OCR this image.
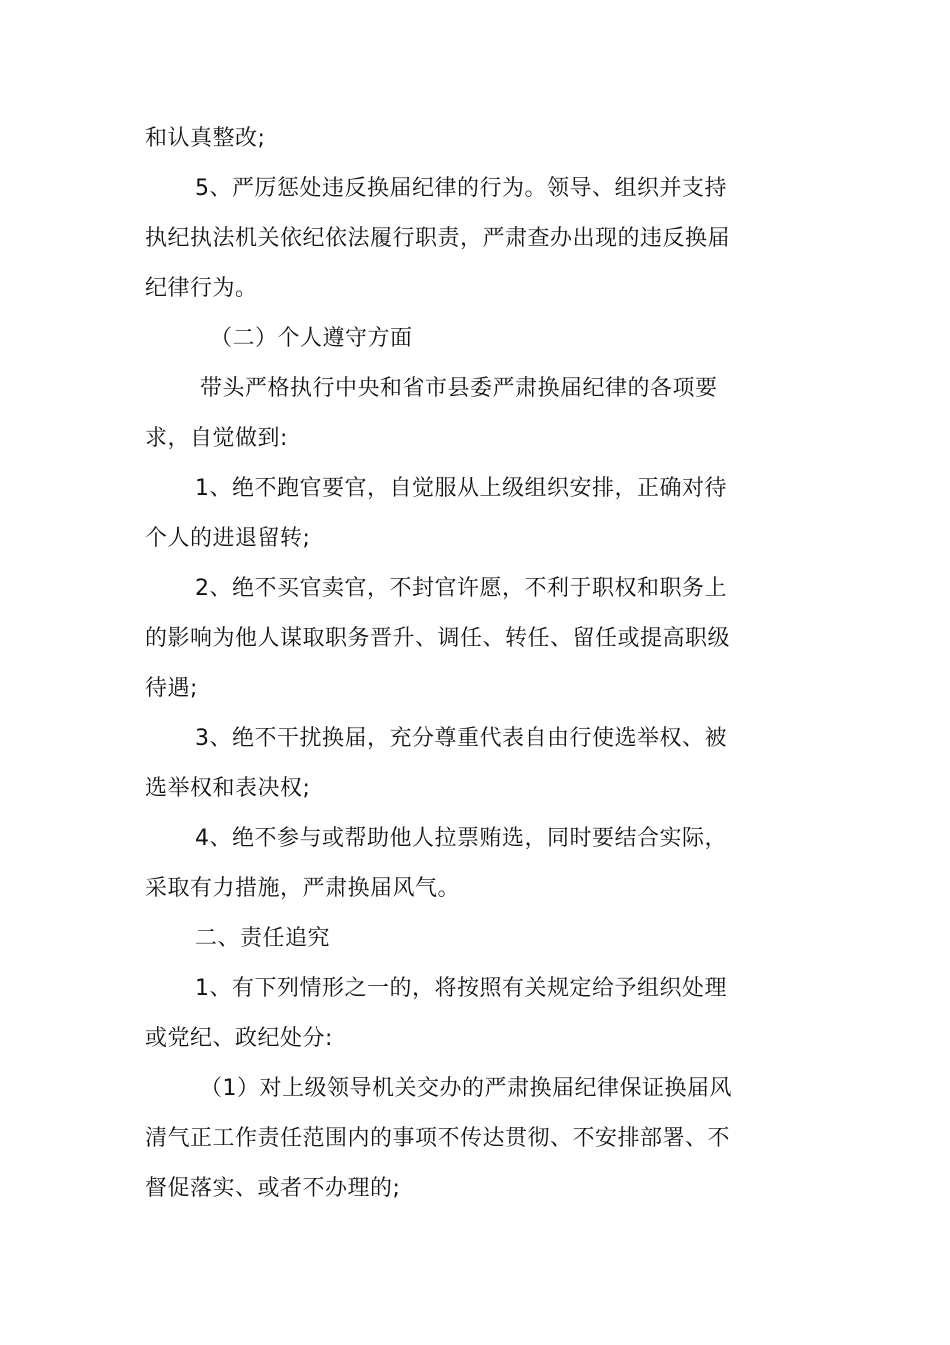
和认真整改;
5、严厉惩处违反换届纪律的行为。领导、组织并支持
执纪执法机关依纪依法履行职责，严肃查办出现的违反换届
纪律行为。
（二）个人遵守方面
带头严格执行中央和省市县委严肃换届纪律的各项要
求，自觉做到:
1、绝不跑官要官，自觉服从上级组织安排，正确对待
个人的进退留转;
2、绝不买官卖官，不封官许愿，不利于职权和职务上
的影响为他人谋取职务晋升、调任、转任、留任或提高职级
待遇;
3、绝不干扰换届，充分尊重代表自由行使选举权、被
选举权和表决权;
4、绝不参与或帮助他人拉票贿选，同时要结合实际，
采取有力措施，严肃换届风气。
二、责任追究
1、有下列情形之一的，将按照有关规定给予组织处理
或党纪、政纪处分:
（1）对上级领导机关交办的严肃换届纪律保证换届风
清气正工作责任范围内的事项不传达贯彻、不安排部署、不
督促落实、或者不办理的;
